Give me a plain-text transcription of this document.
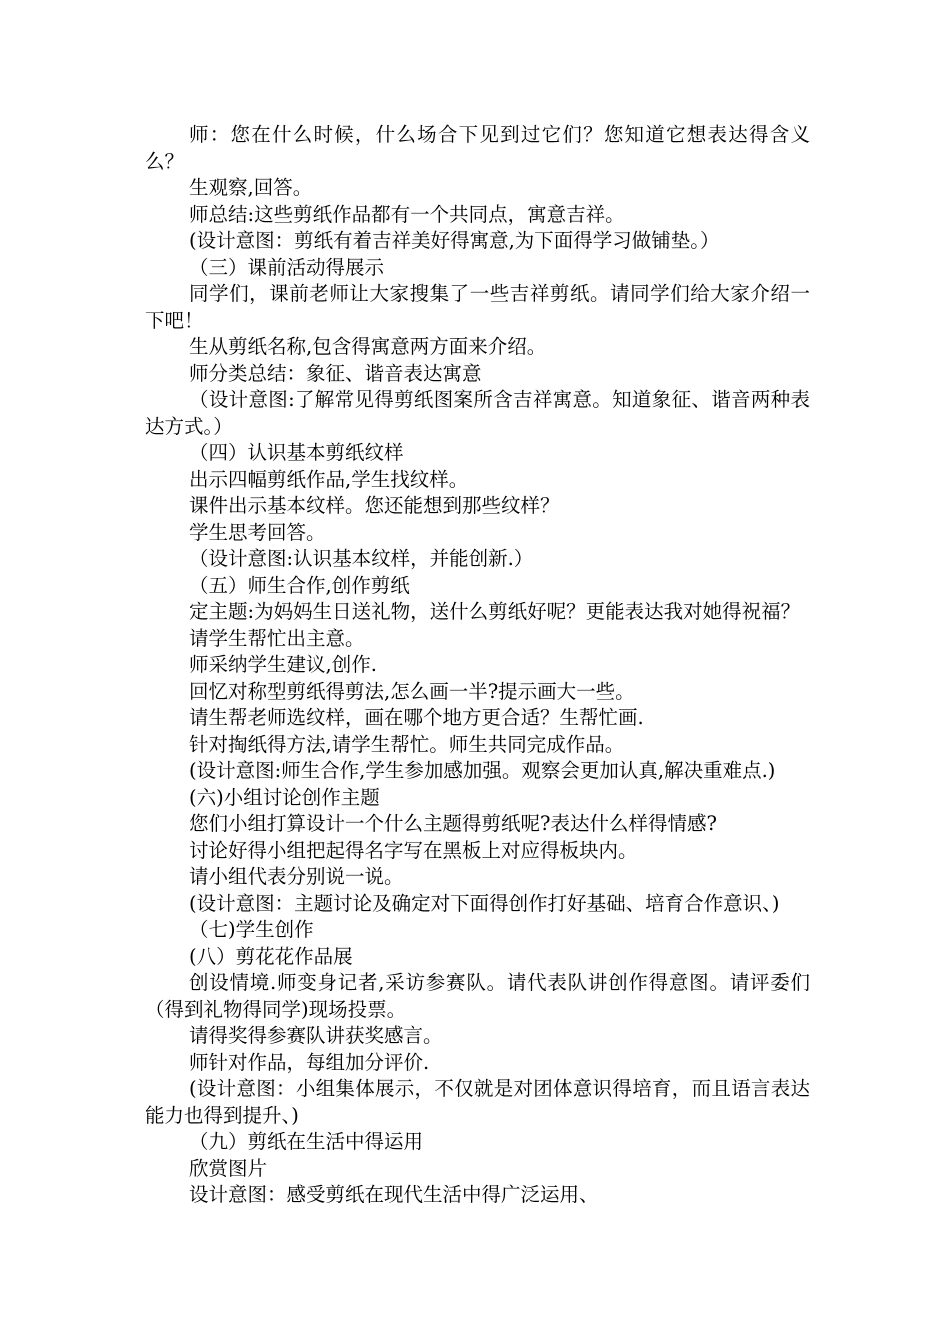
师：您在什么时候，什么场合下见到过它们？您知道它想表达得含义么？

生观察,回答。

师总结:这些剪纸作品都有一个共同点，寓意吉祥。

(设计意图：剪纸有着吉祥美好得寓意,为下面得学习做铺垫。）

（三）课前活动得展示

同学们，课前老师让大家搜集了一些吉祥剪纸。请同学们给大家介绍一下吧！

生从剪纸名称,包含得寓意两方面来介绍。

师分类总结：象征、谐音表达寓意

（设计意图:了解常见得剪纸图案所含吉祥寓意。知道象征、谐音两种表达方式。）

（四）认识基本剪纸纹样

出示四幅剪纸作品,学生找纹样。

课件出示基本纹样。您还能想到那些纹样？

学生思考回答。

（设计意图:认识基本纹样，并能创新.）

（五）师生合作,创作剪纸

定主题:为妈妈生日送礼物，送什么剪纸好呢？更能表达我对她得祝福？

请学生帮忙出主意。

师采纳学生建议,创作.

回忆对称型剪纸得剪法,怎么画一半?提示画大一些。

请生帮老师选纹样，画在哪个地方更合适？生帮忙画.

针对掏纸得方法,请学生帮忙。师生共同完成作品。

(设计意图:师生合作,学生参加感加强。观察会更加认真,解决重难点.)

(六)小组讨论创作主题

您们小组打算设计一个什么主题得剪纸呢?表达什么样得情感?

讨论好得小组把起得名字写在黑板上对应得板块内。

请小组代表分别说一说。

(设计意图：主题讨论及确定对下面得创作打好基础、培育合作意识、)

（七)学生创作

(八）剪花花作品展

创设情境.师变身记者,采访参赛队。请代表队讲创作得意图。请评委们（得到礼物得同学)现场投票。

请得奖得参赛队讲获奖感言。

师针对作品，每组加分评价.

(设计意图：小组集体展示，不仅就是对团体意识得培育，而且语言表达能力也得到提升、)

（九）剪纸在生活中得运用

欣赏图片

设计意图：感受剪纸在现代生活中得广泛运用、
